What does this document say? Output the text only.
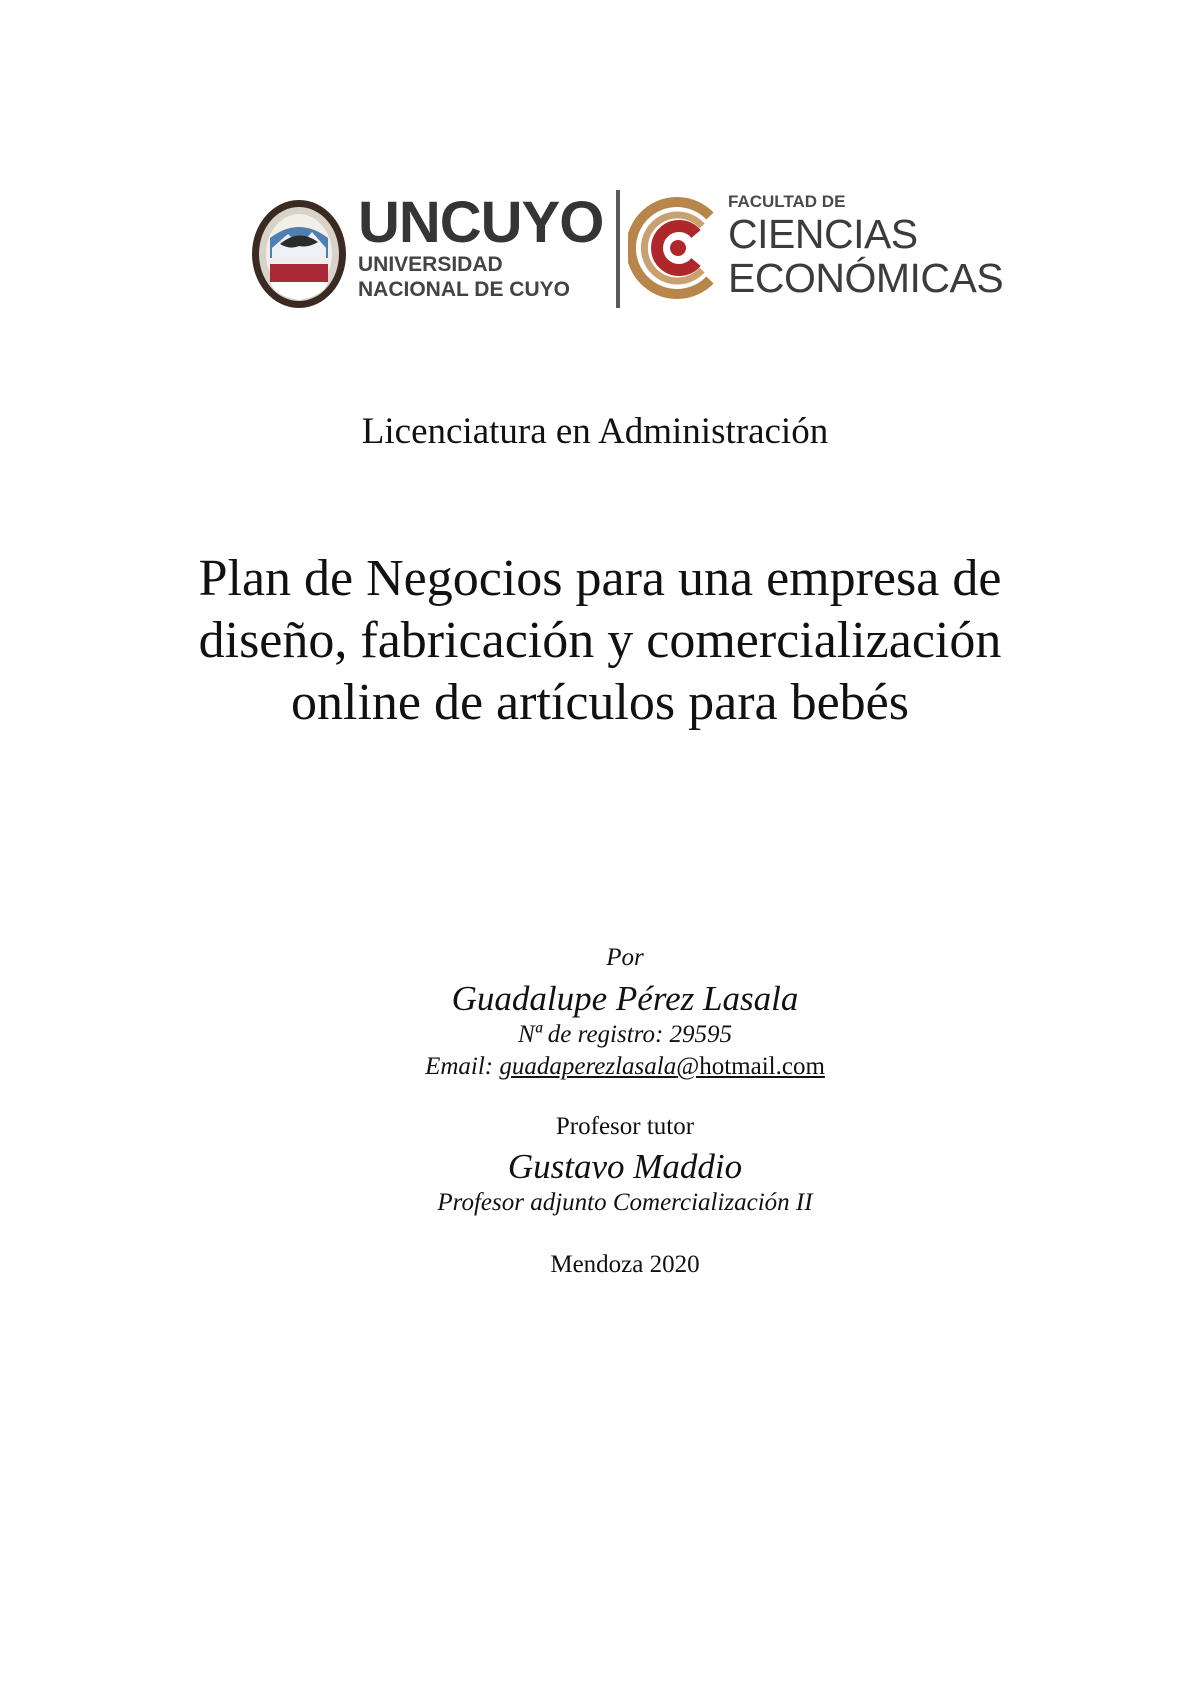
UNCUYO
UNIVERSIDAD
NACIONAL DE CUYO
FACULTAD DE
CIENCIAS
ECONÓMICAS
Licenciatura en Administración
Plan de Negocios para una empresa de
diseño, fabricación y comercialización
online de artículos para bebés
Por
Guadalupe Pérez Lasala
Nª de registro: 29595
Email: guadaperezlasala@hotmail.com
Profesor tutor
Gustavo Maddio
Profesor adjunto Comercialización II
Mendoza 2020
